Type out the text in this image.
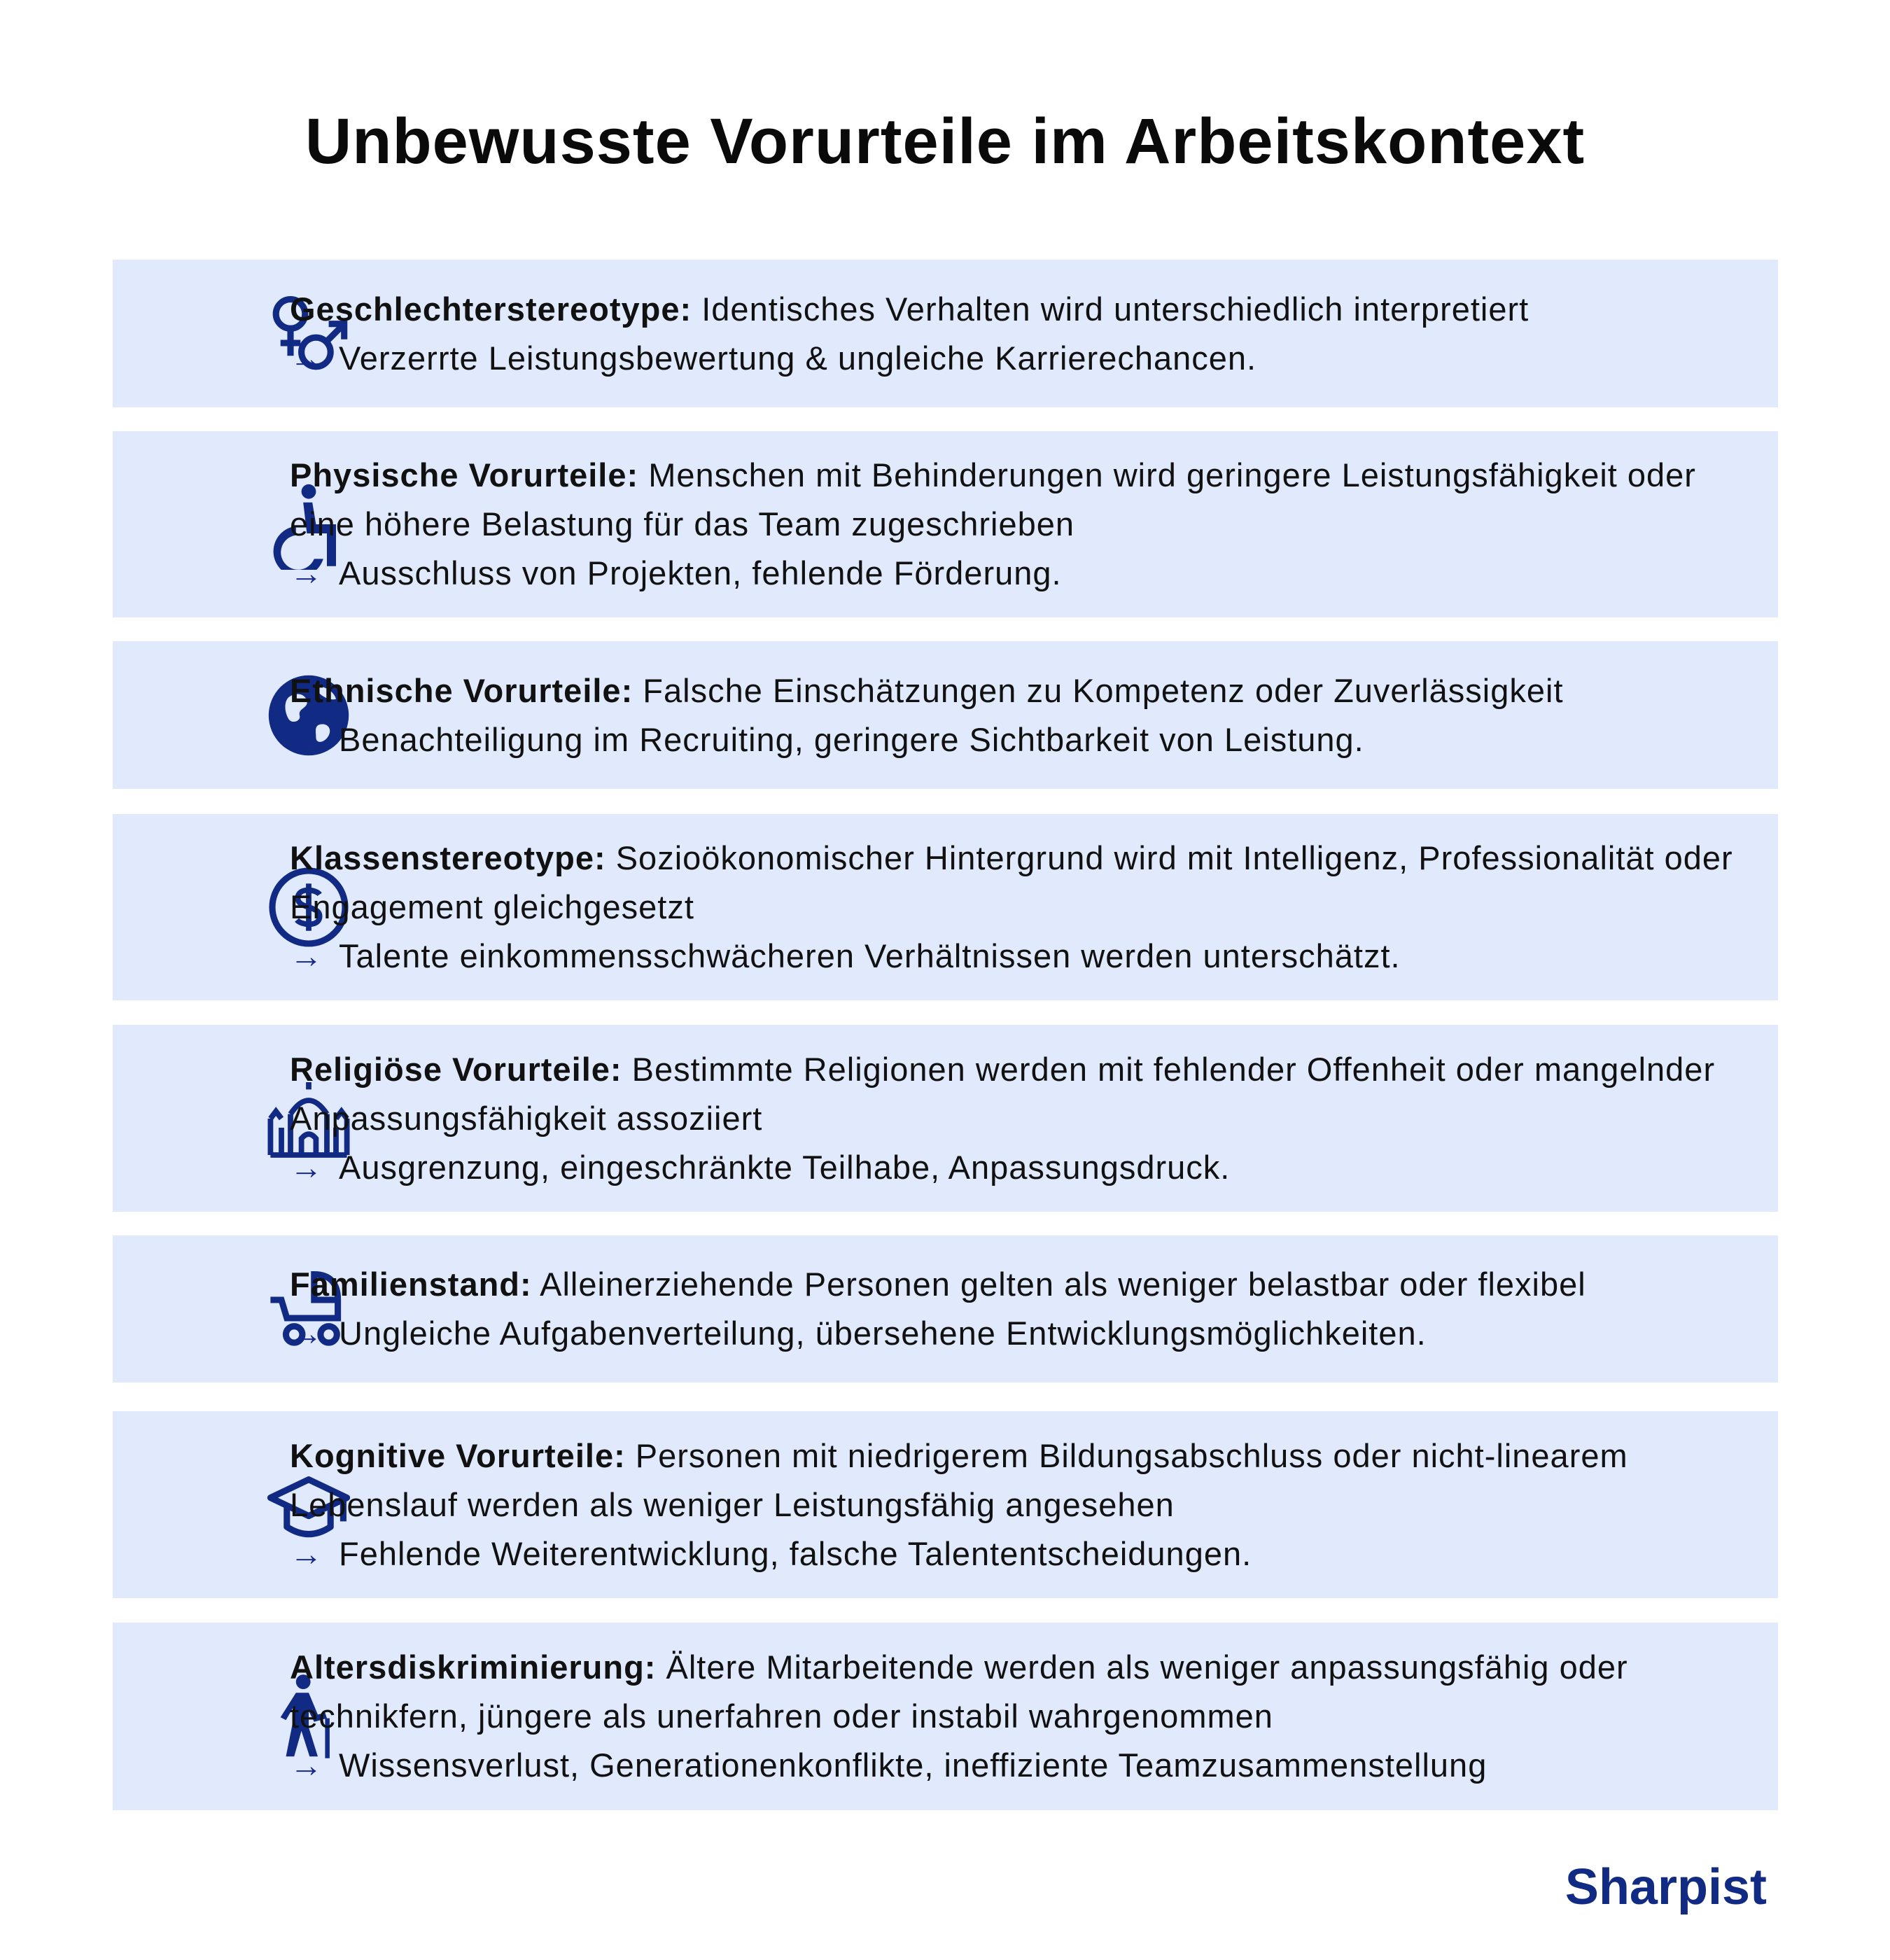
Unbewusste Vorurteile im Arbeitskontext
Geschlechterstereotype: Identisches Verhalten wird unterschiedlich interpretiert
→ Verzerrte Leistungsbewertung & ungleiche Karrierechancen.
Physische Vorurteile: Menschen mit Behinderungen wird geringere Leistungsfähigkeit oder eine höhere Belastung für das Team zugeschrieben
→ Ausschluss von Projekten, fehlende Förderung.
Ethnische Vorurteile: Falsche Einschätzungen zu Kompetenz oder Zuverlässigkeit
→ Benachteiligung im Recruiting, geringere Sichtbarkeit von Leistung.
Klassenstereotype: Sozioökonomischer Hintergrund wird mit Intelligenz, Professionalität oder Engagement gleichgesetzt
→ Talente einkommensschwächeren Verhältnissen werden unterschätzt.
Religiöse Vorurteile: Bestimmte Religionen werden mit fehlender Offenheit oder mangelnder Anpassungsfähigkeit assoziiert
→ Ausgrenzung, eingeschränkte Teilhabe, Anpassungsdruck.
Familienstand: Alleinerziehende Personen gelten als weniger belastbar oder flexibel
→ Ungleiche Aufgabenverteilung, übersehene Entwicklungsmöglichkeiten.
Kognitive Vorurteile: Personen mit niedrigerem Bildungsabschluss oder nicht-linearem Lebenslauf werden als weniger Leistungsfähig angesehen
→ Fehlende Weiterentwicklung, falsche Talententscheidungen.
Altersdiskriminierung: Ältere Mitarbeitende werden als weniger anpassungsfähig oder technikfern, jüngere als unerfahren oder instabil wahrgenommen
→ Wissensverlust, Generationenkonflikte, ineffiziente Teamzusammenstellung
Sharpist
